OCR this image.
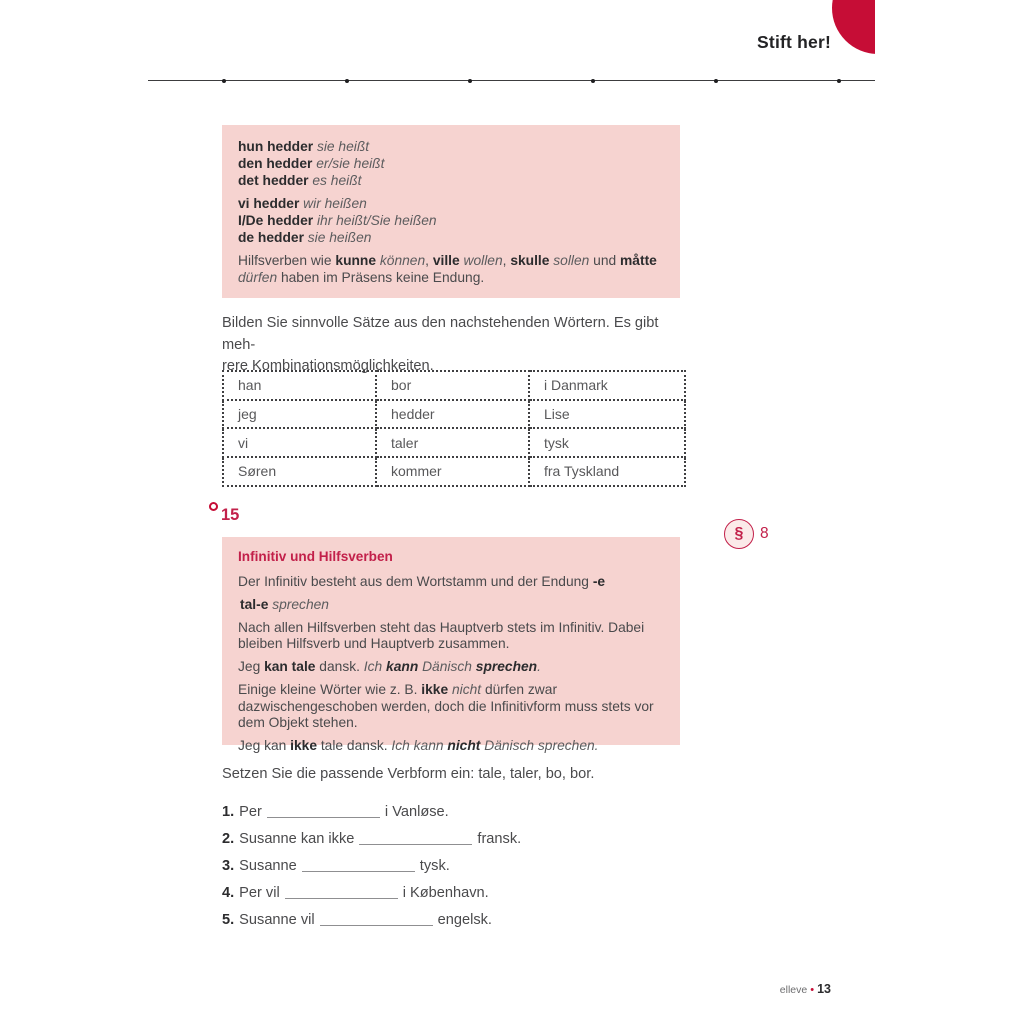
Stift her!
hun hedder sie heißt
den hedder er/sie heißt
det hedder es heißt
vi hedder wir heißen
I/De hedder ihr heißt/Sie heißen
de hedder sie heißen
Hilfsverben wie kunne können, ville wollen, skulle sollen und måtte dürfen haben im Präsens keine Endung.
Bilden Sie sinnvolle Sätze aus den nachstehenden Wörtern. Es gibt meh-
rere Kombinationsmöglichkeiten.
han	bor	i Danmark
jeg	hedder	Lise
vi	taler	tysk
Søren	kommer	fra Tyskland
15
§	8
Infinitiv und Hilfsverben
Der Infinitiv besteht aus dem Wortstamm und der Endung -e
tal-e sprechen
Nach allen Hilfsverben steht das Hauptverb stets im Infinitiv. Dabei bleiben Hilfsverb und Hauptverb zusammen.
Jeg kan tale dansk. Ich kann Dänisch sprechen.
Einige kleine Wörter wie z. B. ikke nicht dürfen zwar dazwischengeschoben werden, doch die Infinitivform muss stets vor dem Objekt stehen.
Jeg kan ikke tale dansk. Ich kann nicht Dänisch sprechen.
Setzen Sie die passende Verbform ein: tale, taler, bo, bor.
1. Per	i Vanløse.
2. Susanne kan ikke	fransk.
3. Susanne	tysk.
4. Per vil	i København.
5. Susanne vil	engelsk.
elleve • 13
